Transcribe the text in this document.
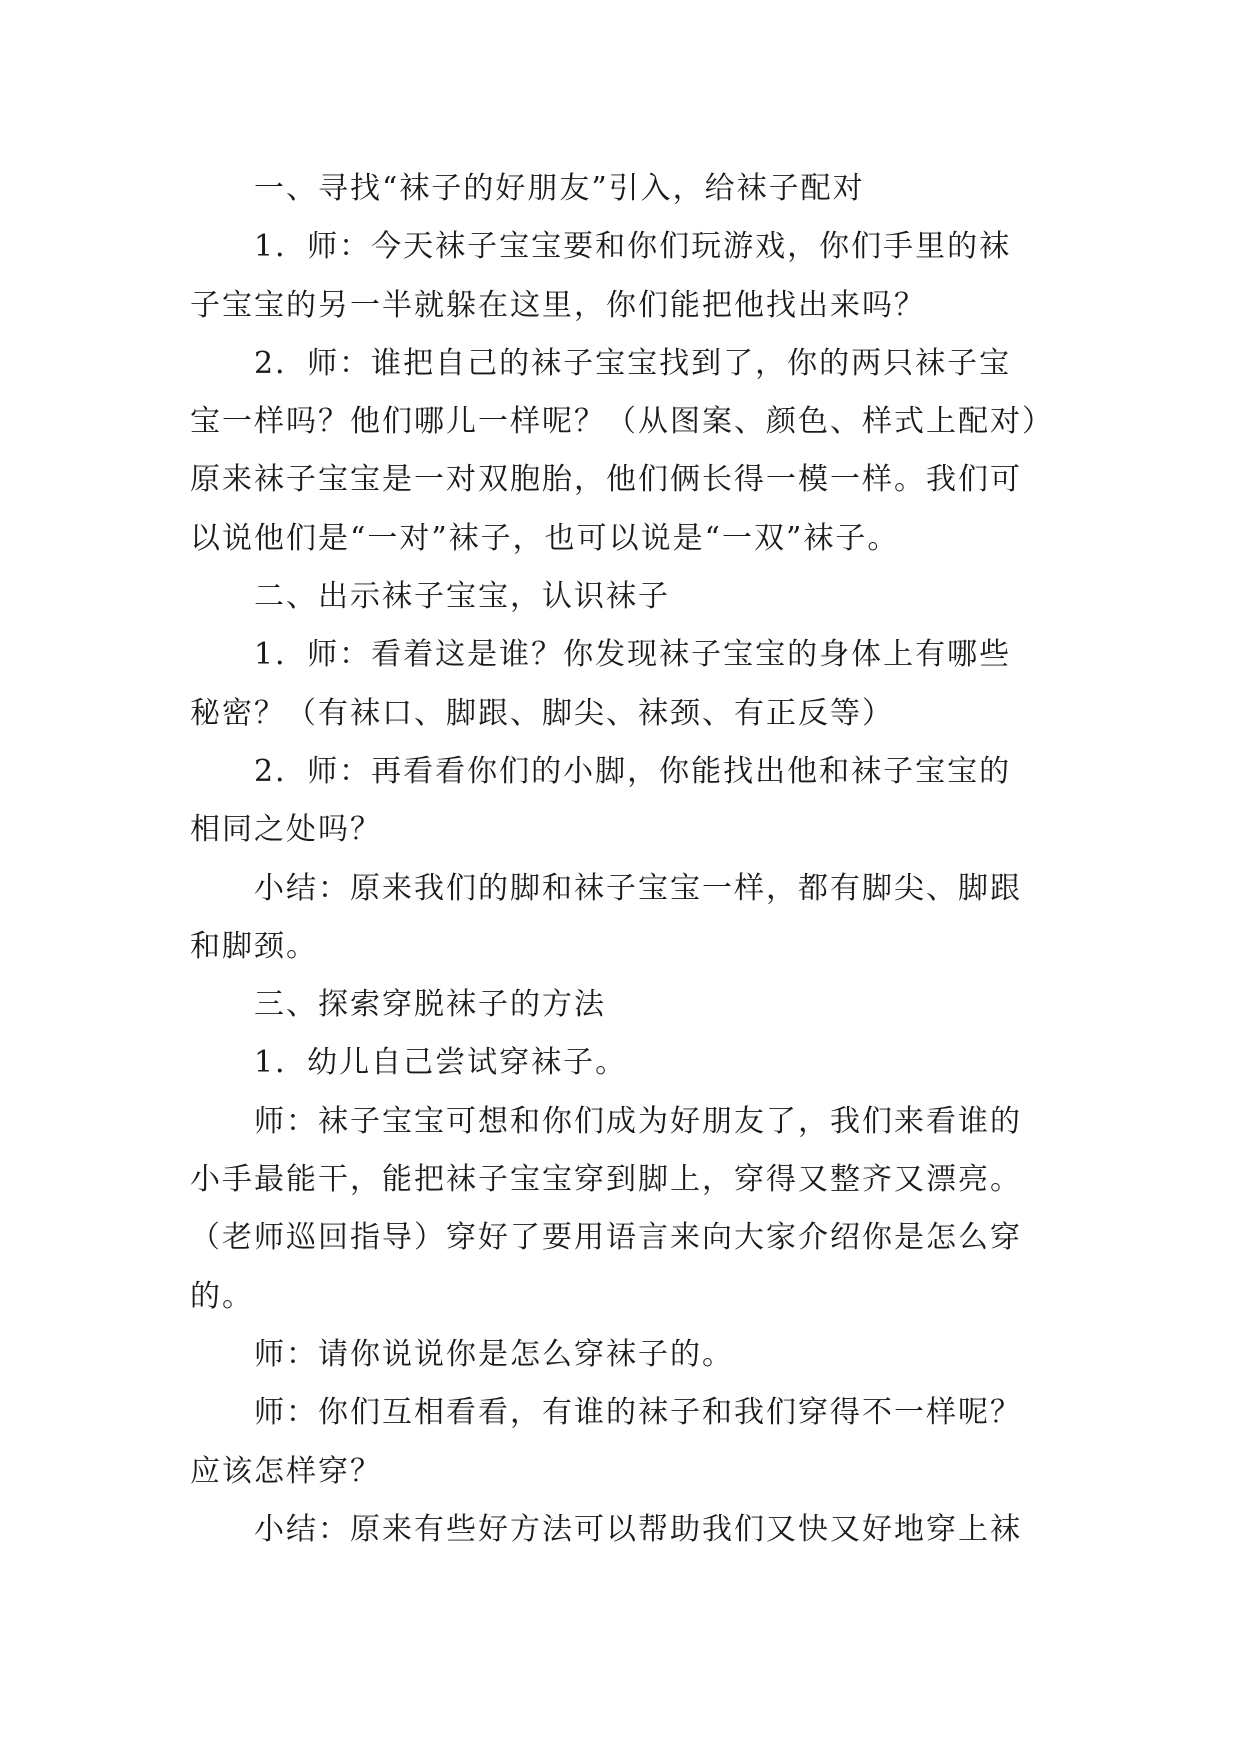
一、寻找“袜子的好朋友”引入，给袜子配对

1．师：今天袜子宝宝要和你们玩游戏，你们手里的袜

子宝宝的另一半就躲在这里，你们能把他找出来吗？

2．师：谁把自己的袜子宝宝找到了，你的两只袜子宝

宝一样吗？他们哪儿一样呢？（从图案、颜色、样式上配对）
原来袜子宝宝是一对双胞胎，他们俩长得一模一样。我们可
以说他们是“一对”袜子，也可以说是“一双”袜子。

二、出示袜子宝宝，认识袜子

1．师：看着这是谁？你发现袜子宝宝的身体上有哪些

秘密？（有袜口、脚跟、脚尖、袜颈、有正反等）

2．师：再看看你们的小脚，你能找出他和袜子宝宝的

相同之处吗？

小结：原来我们的脚和袜子宝宝一样，都有脚尖、脚跟

和脚颈。

三、探索穿脱袜子的方法

1．幼儿自己尝试穿袜子。

师：袜子宝宝可想和你们成为好朋友了，我们来看谁的

小手最能干，能把袜子宝宝穿到脚上，穿得又整齐又漂亮。
（老师巡回指导）穿好了要用语言来向大家介绍你是怎么穿
的。

师：请你说说你是怎么穿袜子的。

师：你们互相看看，有谁的袜子和我们穿得不一样呢？

应该怎样穿？

小结：原来有些好方法可以帮助我们又快又好地穿上袜
